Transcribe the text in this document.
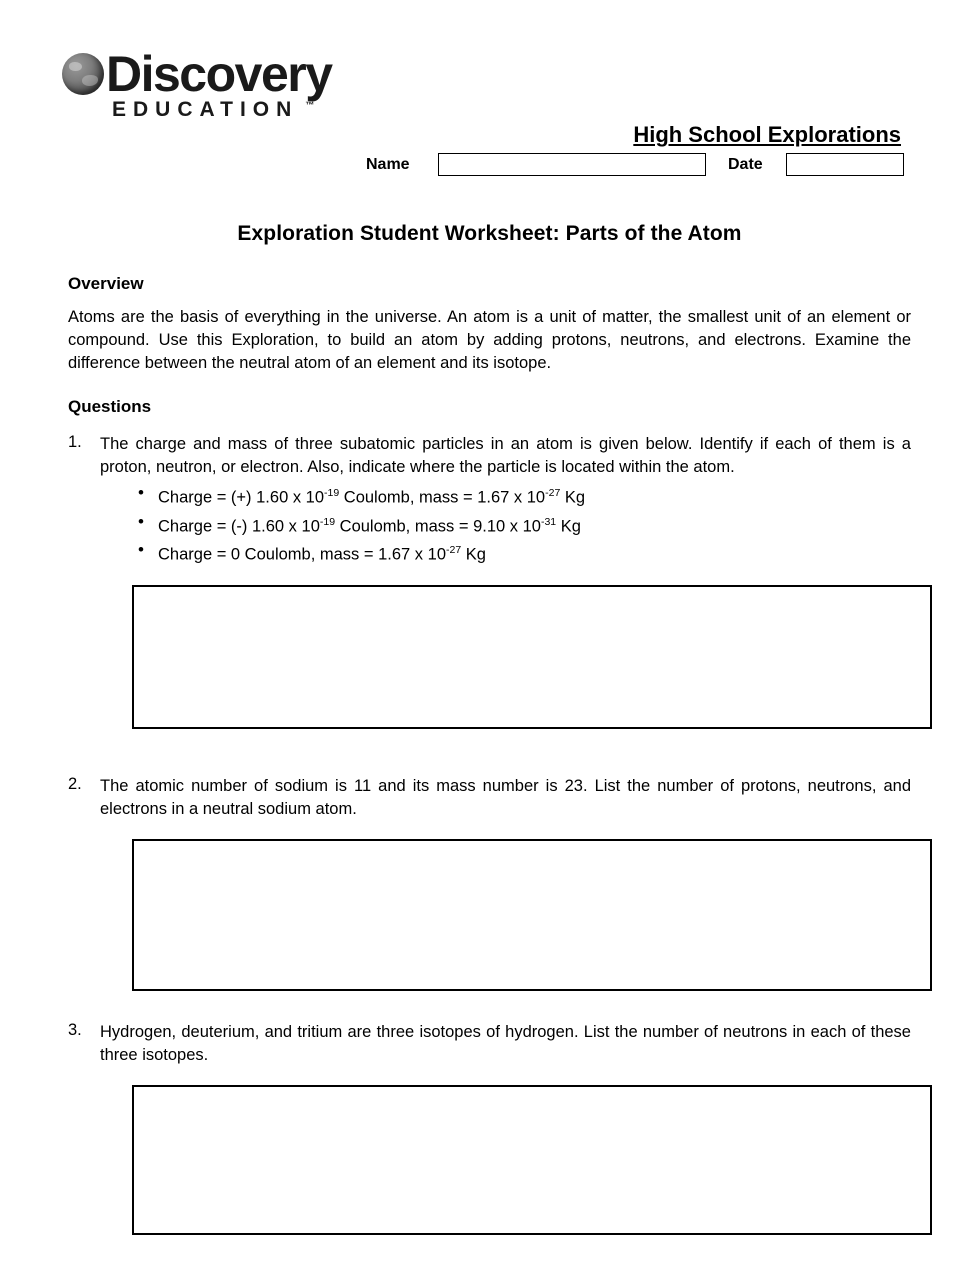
Discovery
EDUCATION ™
High School Explorations
Name	Date
Exploration Student Worksheet: Parts of the Atom
Overview

Atoms are the basis of everything in the universe. An atom is a unit of matter, the smallest unit of an element or compound. Use this Exploration, to build an atom by adding protons, neutrons, and electrons. Examine the difference between the neutral atom of an element and its isotope.

Questions
1. The charge and mass of three subatomic particles in an atom is given below. Identify if each of them is a proton, neutron, or electron. Also, indicate where the particle is located within the atom.
• Charge = (+) 1.60 x $10^{-19}$ Coulomb, mass = 1.67 x $10^{-27}$ Kg
• Charge = (-) 1.60 x $10^{-19}$ Coulomb, mass = 9.10 x $10^{-31}$ Kg
• Charge = 0 Coulomb, mass = 1.67 x $10^{-27}$ Kg
2. The atomic number of sodium is 11 and its mass number is 23. List the number of protons, neutrons, and electrons in a neutral sodium atom.
3. Hydrogen, deuterium, and tritium are three isotopes of hydrogen. List the number of neutrons in each of these three isotopes.
